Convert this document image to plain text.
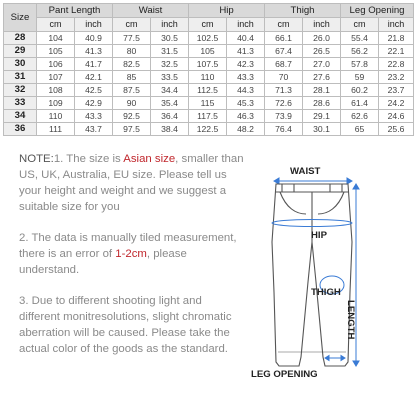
Size	Pant Length		Waist		Hip		Thigh		Leg Opening	
	cm	inch	cm	inch	cm	inch	cm	inch	cm	inch
28	104	40.9	77.5	30.5	102.5	40.4	66.1	26.0	55.4	21.8
29	105	41.3	80	31.5	105	41.3	67.4	26.5	56.2	22.1
30	106	41.7	82.5	32.5	107.5	42.3	68.7	27.0	57.8	22.8
31	107	42.1	85	33.5	110	43.3	70	27.6	59	23.2
32	108	42.5	87.5	34.4	112.5	44.3	71.3	28.1	60.2	23.7
33	109	42.9	90	35.4	115	45.3	72.6	28.6	61.4	24.2
34	110	43.3	92.5	36.4	117.5	46.3	73.9	29.1	62.6	24.6
36	111	43.7	97.5	38.4	122.5	48.2	76.4	30.1	65	25.6

NOTE:1. The size is Asian size, smaller than US, UK, Australia, EU size. Please tell us your height and weight and we suggest a suitable size for you

2. The data is manually tiled measurement, there is an error of 1-2cm, please understand.

3. Due to different shooting light and different monitresolutions, slight chromatic aberration will be caused. Please take the actual color of the goods as the standard.

WAIST
HIP
THIGH
LENGTH
LEG OPENING
